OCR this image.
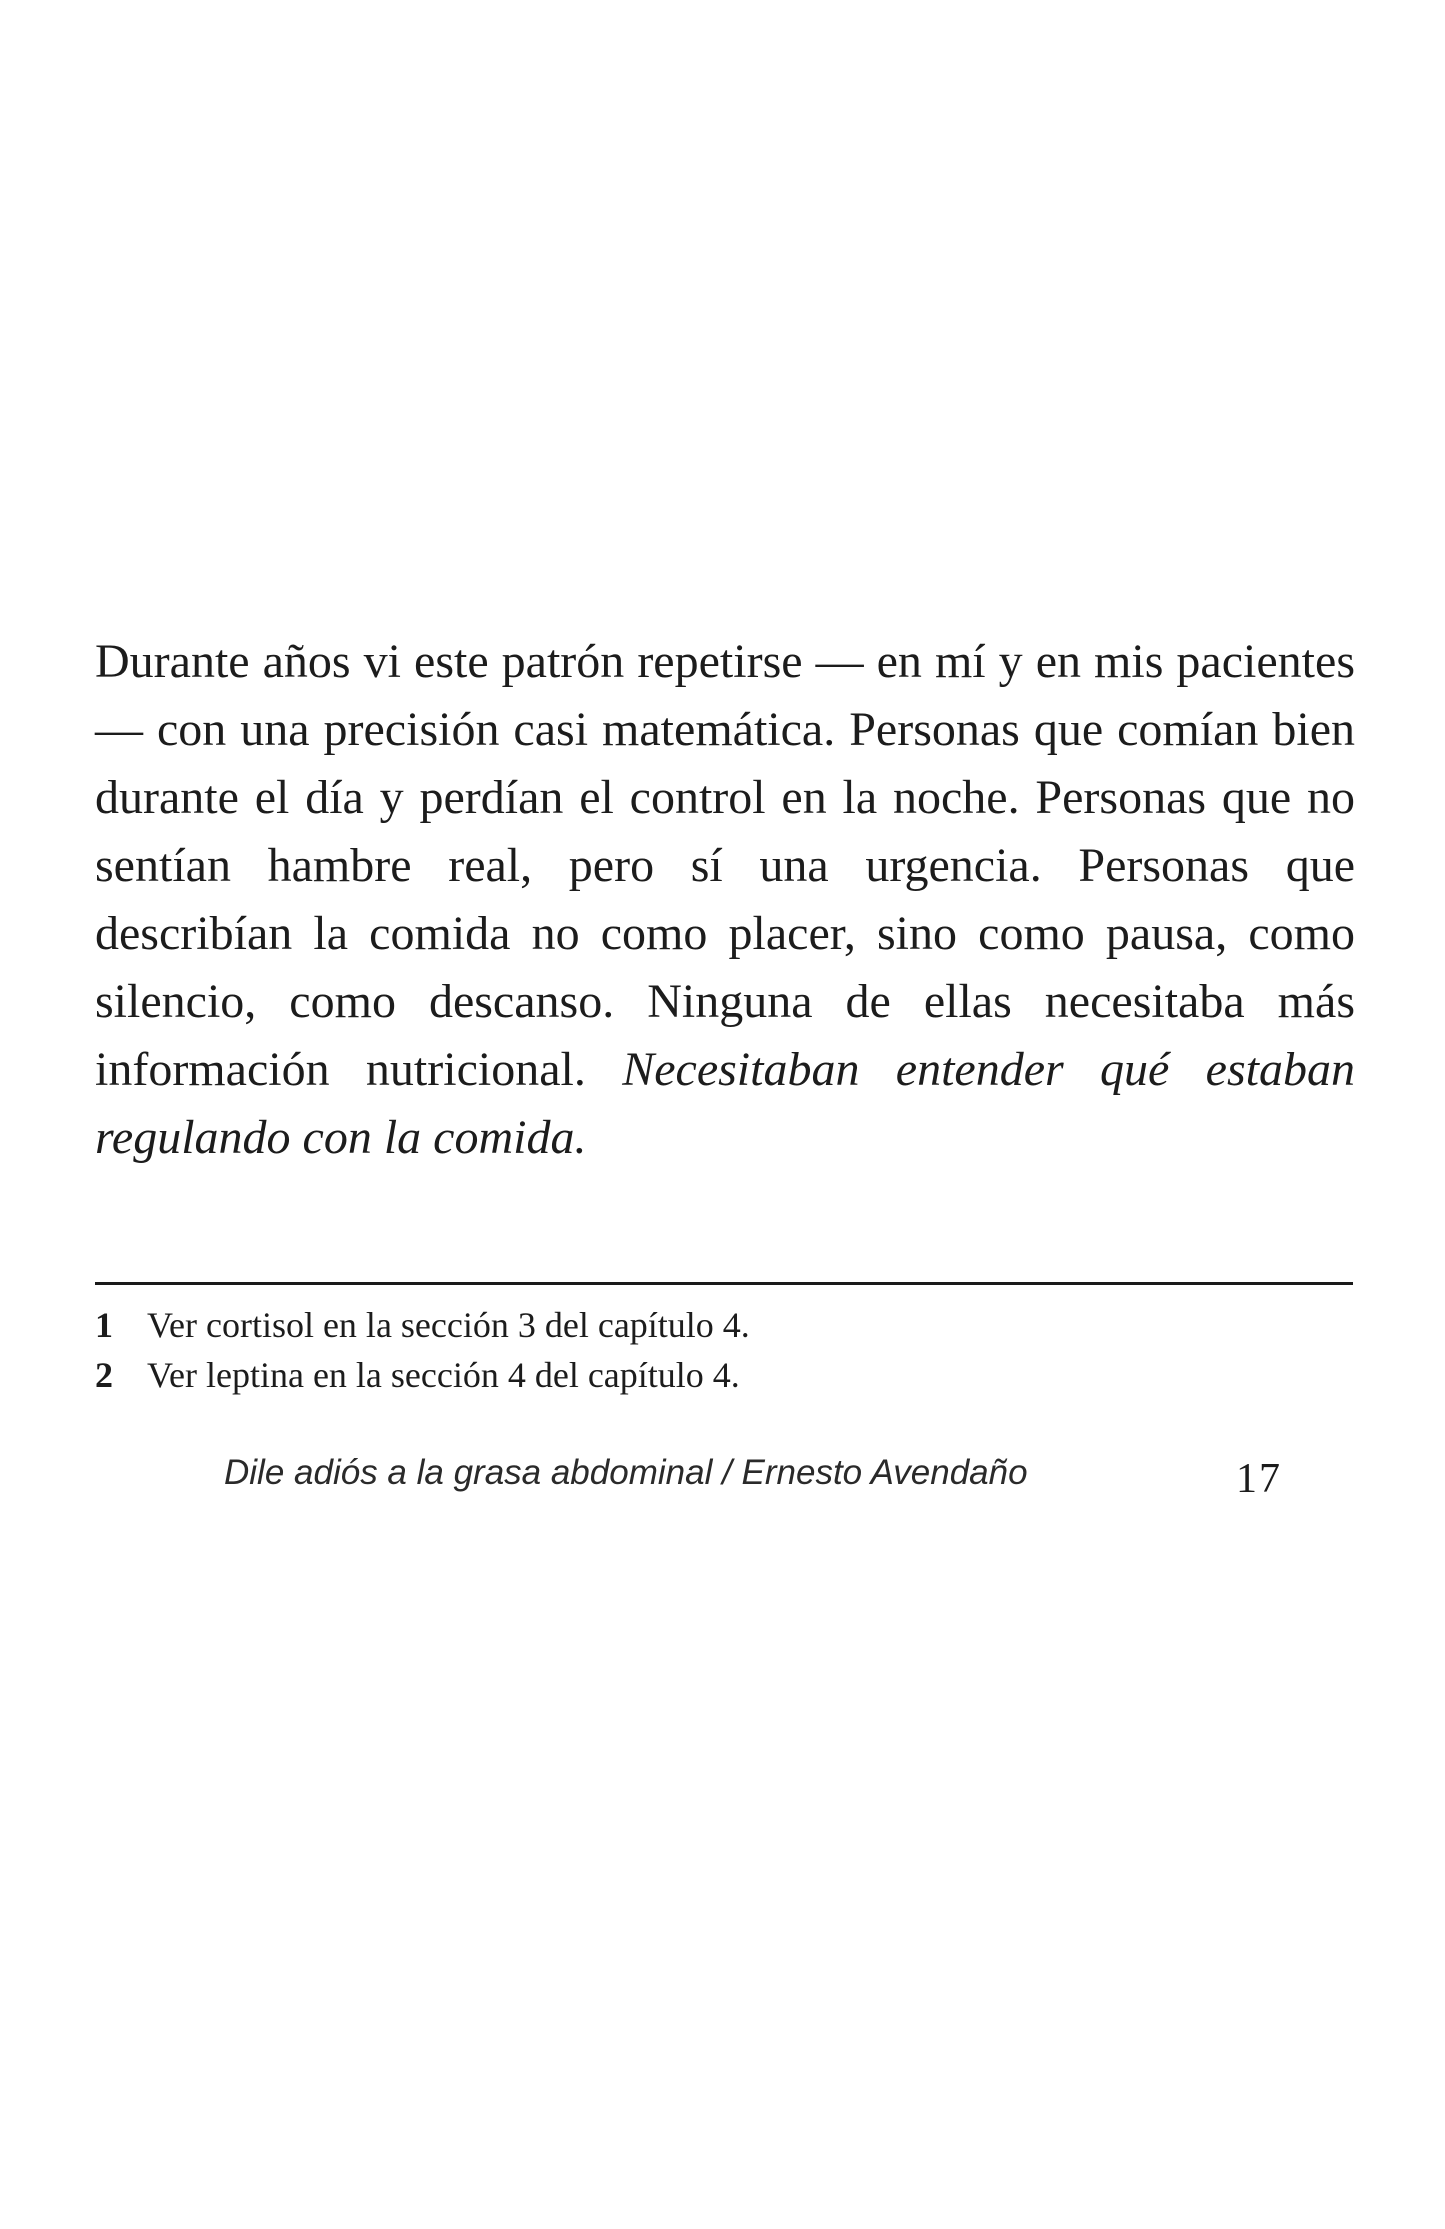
Durante años vi este patrón repetirse — en mí y en mis pacientes — con una precisión casi matemática. Personas que comían bien durante el día y perdían el control en la noche. Personas que no sentían hambre real, pero sí una urgencia. Personas que describían la comida no como placer, sino como pausa, como silencio, como descanso. Ninguna de ellas necesitaba más información nutricional. Necesitaban entender qué estaban regulando con la comida.

1 Ver cortisol en la sección 3 del capítulo 4.
2 Ver leptina en la sección 4 del capítulo 4.
Dile adiós a la grasa abdominal / Ernesto Avendaño	17
